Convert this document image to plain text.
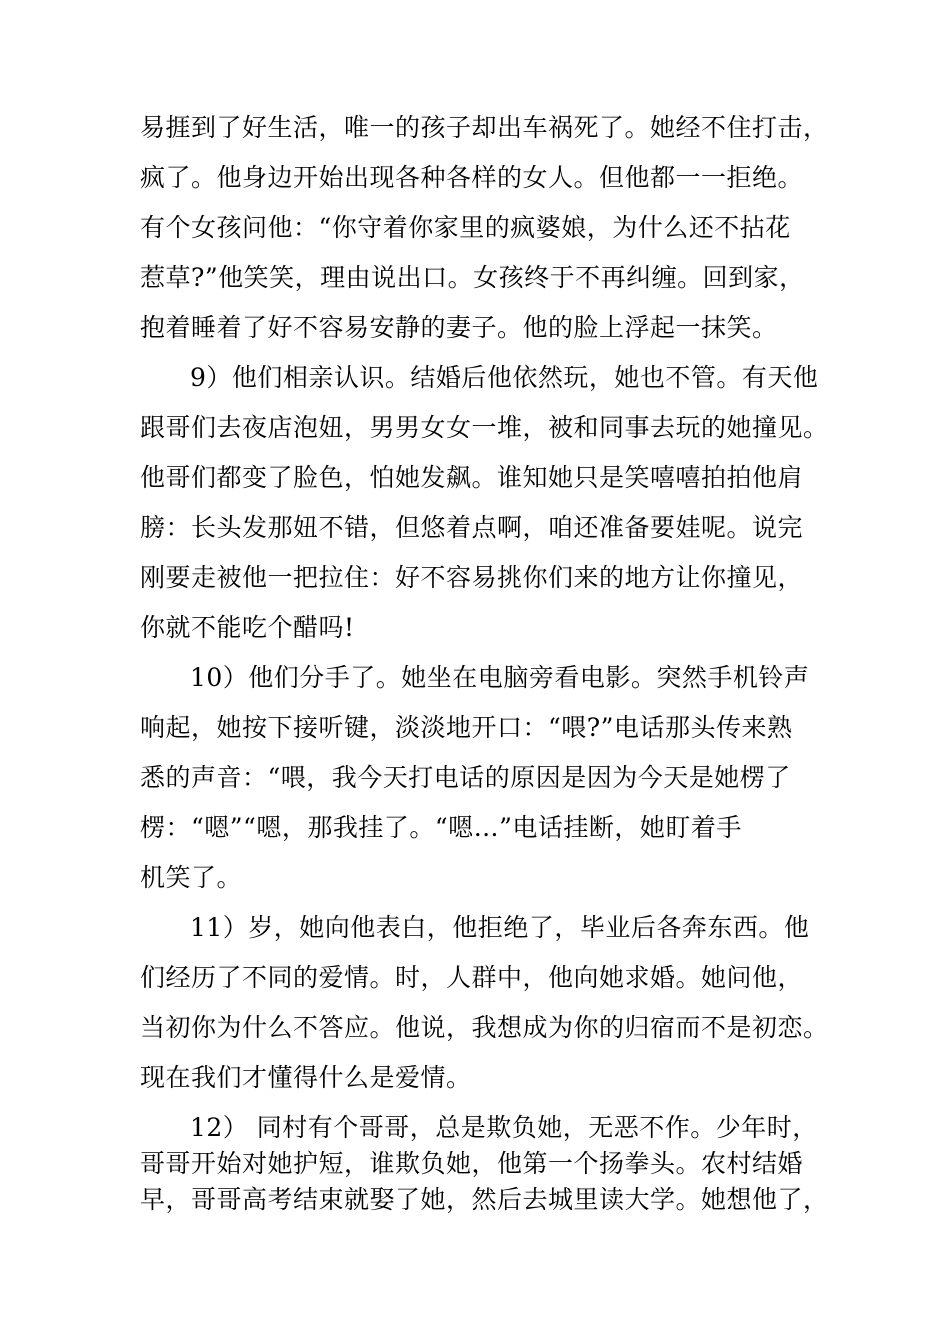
易捱到了好生活，唯一的孩子却出车祸死了。她经不住打击，
疯了。他身边开始出现各种各样的女人。但他都一一拒绝。
有个女孩问他：“你守着你家里的疯婆娘，为什么还不拈花
惹草?”他笑笑，理由说出口。女孩终于不再纠缠。回到家，
抱着睡着了好不容易安静的妻子。他的脸上浮起一抹笑。
9）他们相亲认识。结婚后他依然玩，她也不管。有天他
跟哥们去夜店泡妞，男男女女一堆，被和同事去玩的她撞见。
他哥们都变了脸色，怕她发飙。谁知她只是笑嘻嘻拍拍他肩
膀：长头发那妞不错，但悠着点啊，咱还准备要娃呢。说完
刚要走被他一把拉住：好不容易挑你们来的地方让你撞见，
你就不能吃个醋吗!
10）他们分手了。她坐在电脑旁看电影。突然手机铃声
响起，她按下接听键，淡淡地开口：“喂?”电话那头传来熟
悉的声音：“喂，我今天打电话的原因是因为今天是她楞了
楞：“嗯”“嗯，那我挂了。“嗯…”电话挂断，她盯着手
机笑了。
11）岁，她向他表白，他拒绝了，毕业后各奔东西。他
们经历了不同的爱情。时，人群中，他向她求婚。她问他，
当初你为什么不答应。他说，我想成为你的归宿而不是初恋。
现在我们才懂得什么是爱情。
12） 同村有个哥哥，总是欺负她，无恶不作。少年时，
哥哥开始对她护短，谁欺负她，他第一个扬拳头。农村结婚
早，哥哥高考结束就娶了她，然后去城里读大学。她想他了，
